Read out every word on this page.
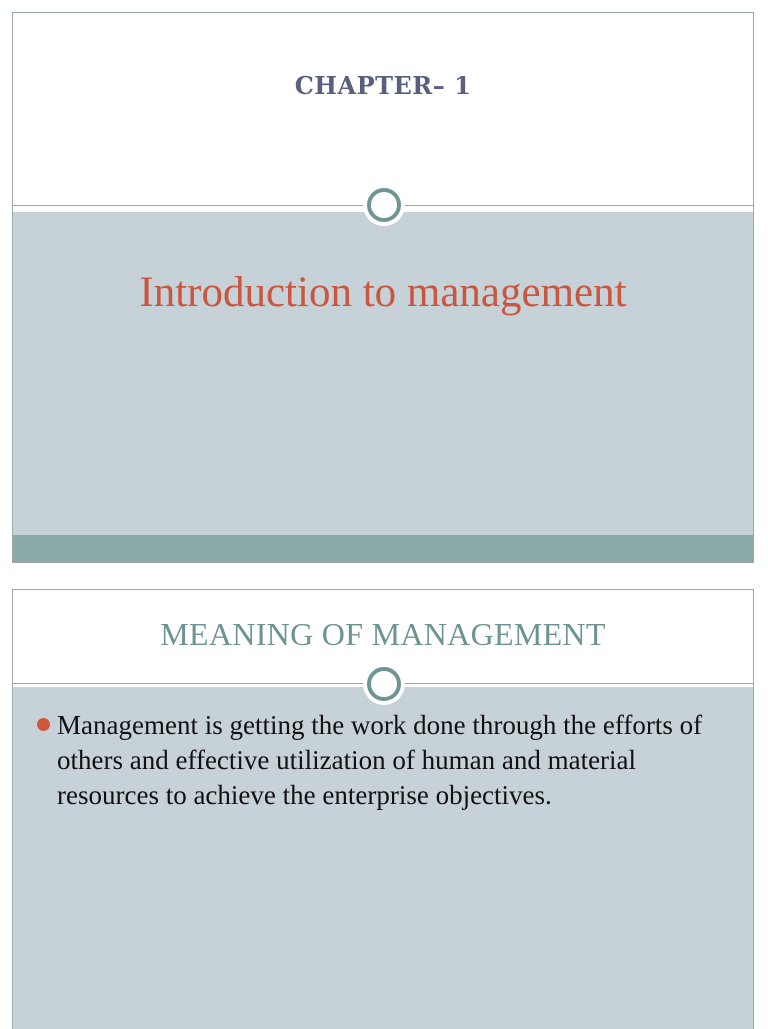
CHAPTER– 1
Introduction to management
MEANING OF MANAGEMENT
Management is getting the work done through the efforts of others and effective utilization of human and material resources to achieve the enterprise objectives.
